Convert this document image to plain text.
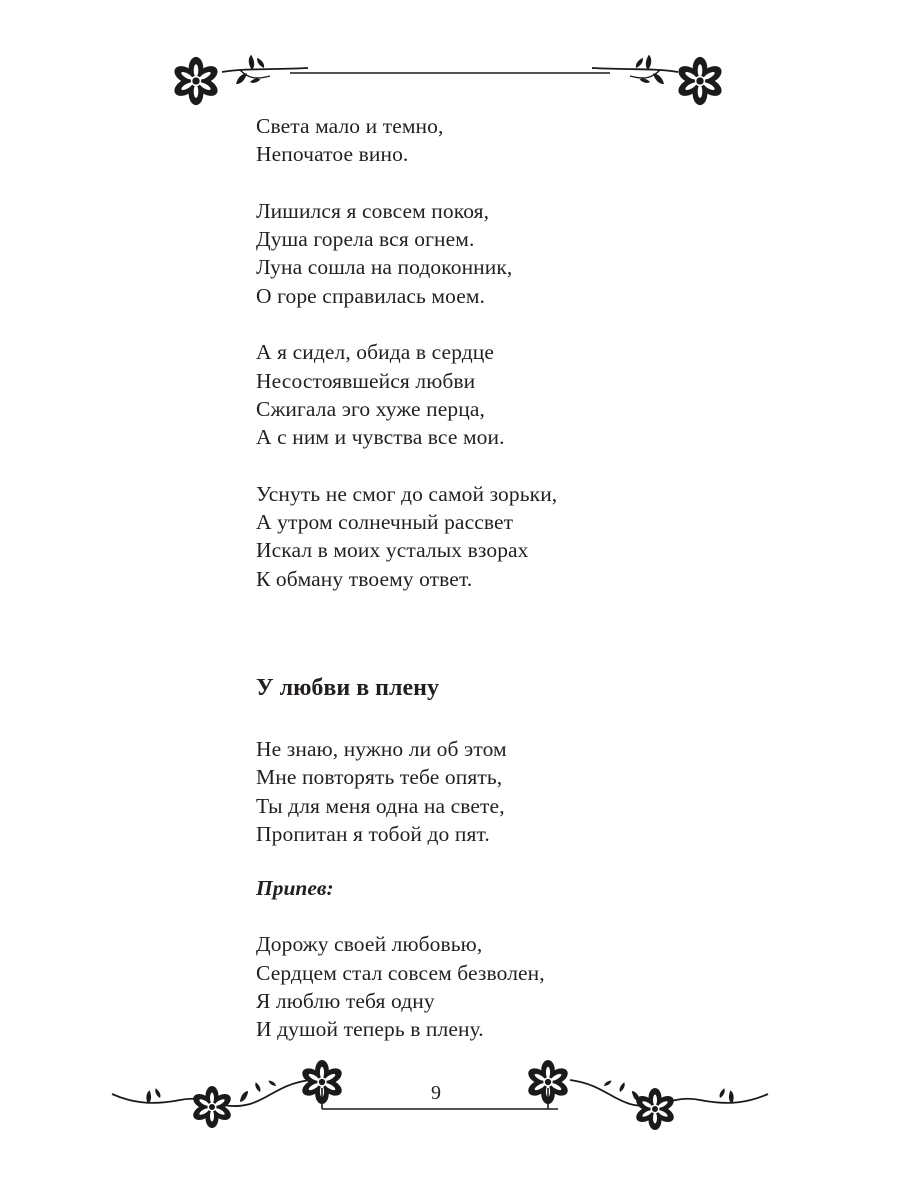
Света мало и темно,
Непочатое вино.
Лишился я совсем покоя,
Душа горела вся огнем.
Луна сошла на подоконник,
О горе справилась моем.
А я сидел, обида в сердце
Несостоявшейся любви
Сжигала эго хуже перца,
А с ним и чувства все мои.
Уснуть не смог до самой зорьки,
А утром солнечный рассвет
Искал в моих усталых взорах
К обману твоему ответ.
У любви в плену
Не знаю, нужно ли об этом
Мне повторять тебе опять,
Ты для меня одна на свете,
Пропитан я тобой до пят.
Припев:
Дорожу своей любовью,
Сердцем стал совсем безволен,
Я люблю тебя одну
И душой теперь в плену.
9
